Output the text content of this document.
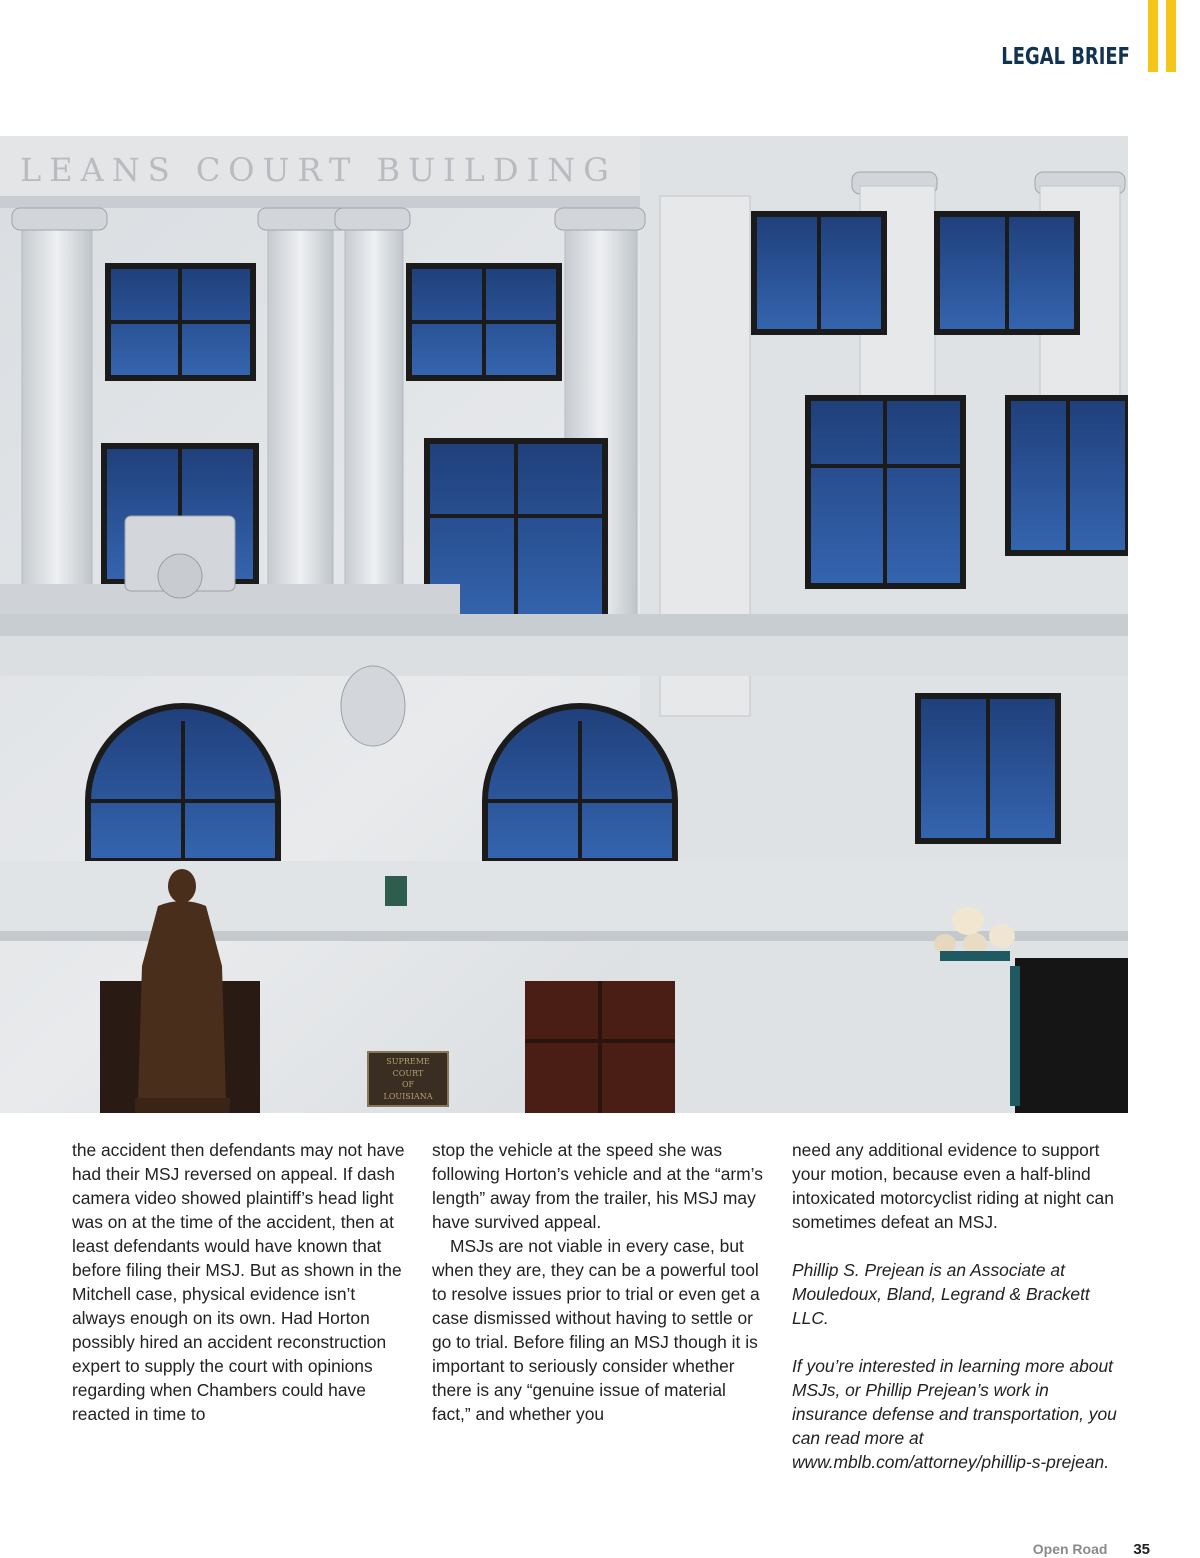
LEGAL BRIEF
LEANS COURT BUILDING
SUPREME
COURT
OF
LOUISIANA

the accident then defendants may not have had their MSJ reversed on appeal. If dash camera video showed plaintiff’s head light was on at the time of the accident, then at least defendants would have known that before filing their MSJ. But as shown in the Mitchell case, physical evidence isn’t always enough on its own. Had Horton possibly hired an accident reconstruction expert to supply the court with opinions regarding when Chambers could have reacted in time to

stop the vehicle at the speed she was following Horton’s vehicle and at the “arm’s length” away from the trailer, his MSJ may have survived appeal.

MSJs are not viable in every case, but when they are, they can be a powerful tool to resolve issues prior to trial or even get a case dismissed without having to settle or go to trial. Before filing an MSJ though it is important to seriously consider whether there is any “genuine issue of material fact,” and whether you

need any additional evidence to support your motion, because even a half-blind intoxicated motorcyclist riding at night can sometimes defeat an MSJ.

Phillip S. Prejean is an Associate at Mouledoux, Bland, Legrand & Brackett LLC.
If you’re interested in learning more about MSJs, or Phillip Prejean’s work in insurance defense and transportation, you can read more at www.mblb.com/attorney/phillip-s-prejean.
Open Road 35
